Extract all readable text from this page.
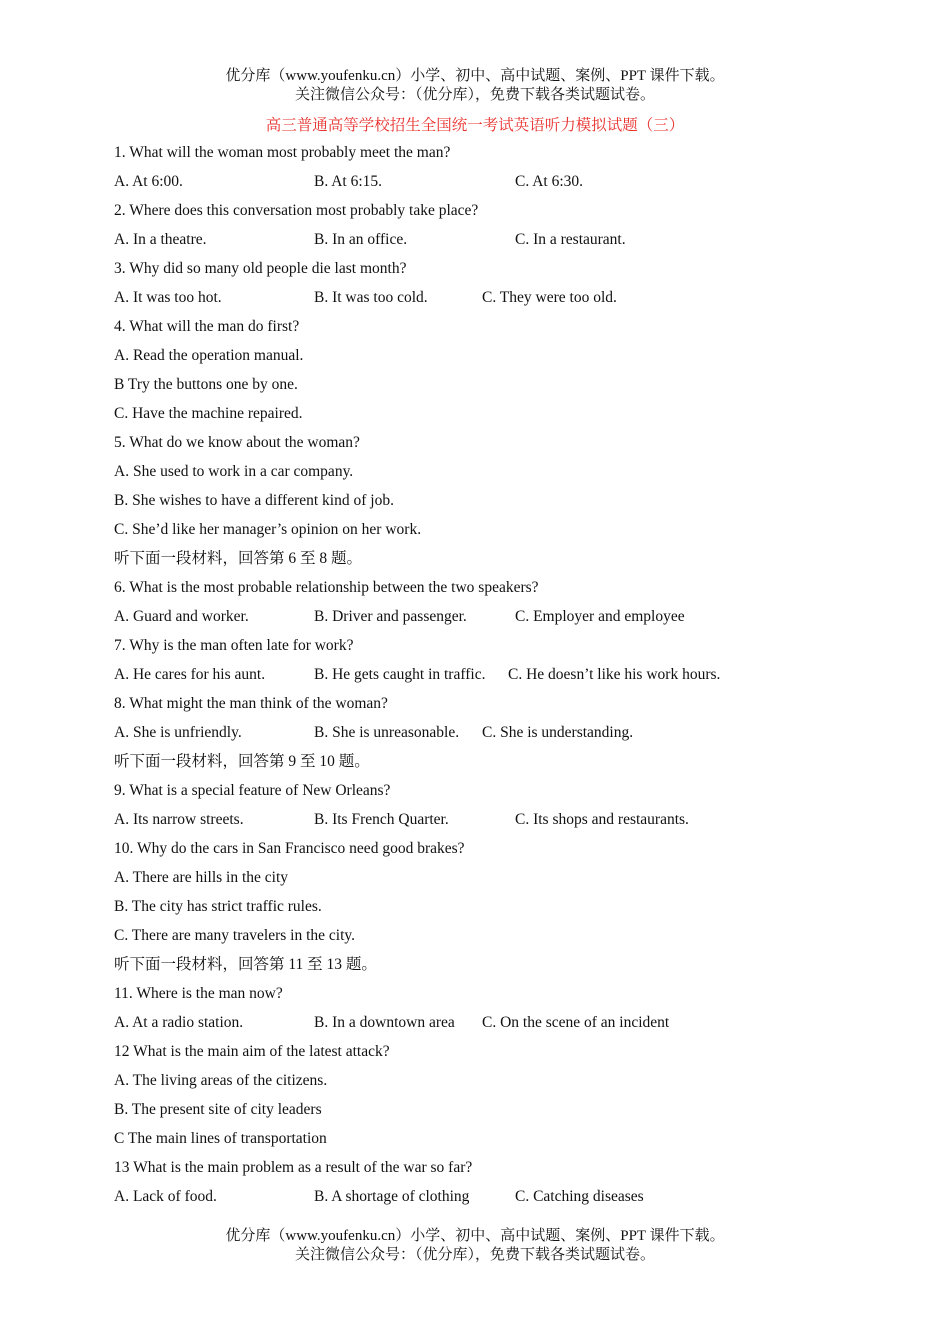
优分库（www.youfenku.cn）小学、初中、高中试题、案例、PPT 课件下载。
关注微信公众号：（优分库），免费下载各类试题试卷。
高三普通高等学校招生全国统一考试英语听力模拟试题（三）
1. What will the woman most probably meet the man?
A. At 6:00.	B. At 6:15.	C. At 6:30.
2. Where does this conversation most probably take place?
A. In a theatre.	B. In an office.	C. In a restaurant.
3. Why did so many old people die last month?
A. It was too hot.	B. It was too cold.	C. They were too old.
4. What will the man do first?
A. Read the operation manual.
B Try the buttons one by one.
C. Have the machine repaired.
5. What do we know about the woman?
A. She used to work in a car company.
B. She wishes to have a different kind of job.
C. She’d like her manager’s opinion on her work.
听下面一段材料，回答第 6 至 8 题。
6. What is the most probable relationship between the two speakers?
A. Guard and worker.	B. Driver and passenger.	C. Employer and employee
7. Why is the man often late for work?
A. He cares for his aunt.	B. He gets caught in traffic. C. He doesn’t like his work hours.
8. What might the man think of the woman?
A. She is unfriendly.	B. She is unreasonable. C. She is understanding.
听下面一段材料，回答第 9 至 10 题。
9. What is a special feature of New Orleans?
A. Its narrow streets.	B. Its French Quarter.	C. Its shops and restaurants.
10. Why do the cars in San Francisco need good brakes?
A. There are hills in the city
B. The city has strict traffic rules.
C. There are many travelers in the city.
听下面一段材料，回答第 11 至 13 题。
11. Where is the man now?
A. At a radio station.	B. In a downtown area C. On the scene of an incident
12 What is the main aim of the latest attack?
A. The living areas of the citizens.
B. The present site of city leaders
C The main lines of transportation
13 What is the main problem as a result of the war so far?
A. Lack of food.	B. A shortage of clothing	C. Catching diseases
优分库（www.youfenku.cn）小学、初中、高中试题、案例、PPT 课件下载。
关注微信公众号：（优分库），免费下载各类试题试卷。
